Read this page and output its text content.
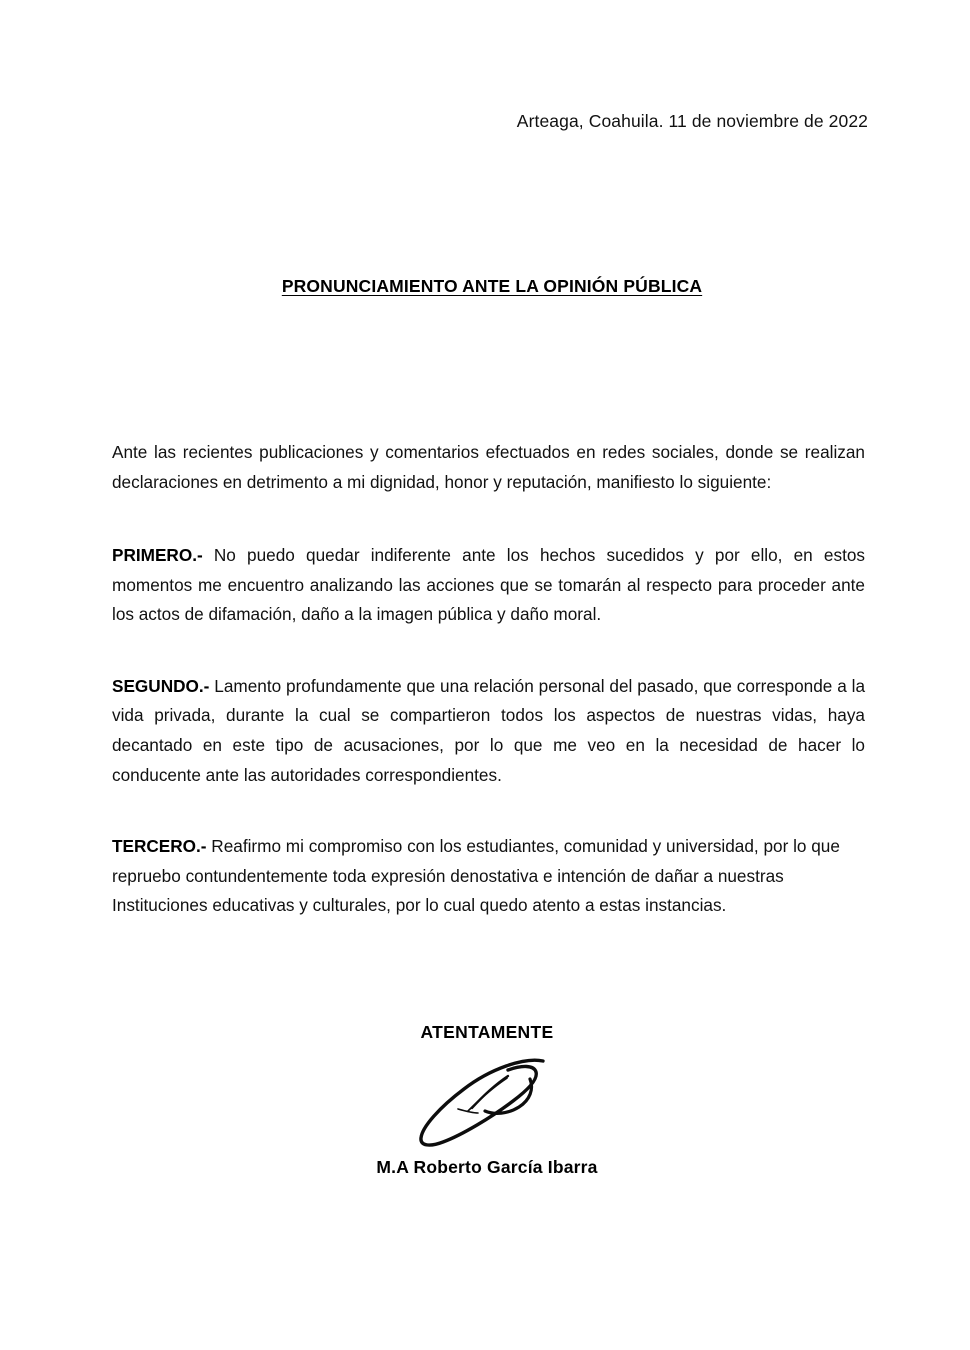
Arteaga, Coahuila. 11 de noviembre de 2022
PRONUNCIAMIENTO ANTE LA OPINIÓN PÚBLICA

Ante las recientes publicaciones y comentarios efectuados en redes sociales, donde se realizan declaraciones en detrimento a mi dignidad, honor y reputación, manifiesto lo siguiente:

PRIMERO.- No puedo quedar indiferente ante los hechos sucedidos y por ello, en estos momentos me encuentro analizando las acciones que se tomarán al respecto para proceder ante los actos de difamación, daño a la imagen pública y daño moral.

SEGUNDO.- Lamento profundamente que una relación personal del pasado, que corresponde a la vida privada, durante la cual se compartieron todos los aspectos de nuestras vidas, haya decantado en este tipo de acusaciones, por lo que me veo en la necesidad de hacer lo conducente ante las autoridades correspondientes.

TERCERO.- Reafirmo mi compromiso con los estudiantes, comunidad y universidad, por lo que repruebo contundentemente toda expresión denostativa e intención de dañar a nuestras Instituciones educativas y culturales, por lo cual quedo atento a estas instancias.

ATENTAMENTE
M.A Roberto García Ibarra
